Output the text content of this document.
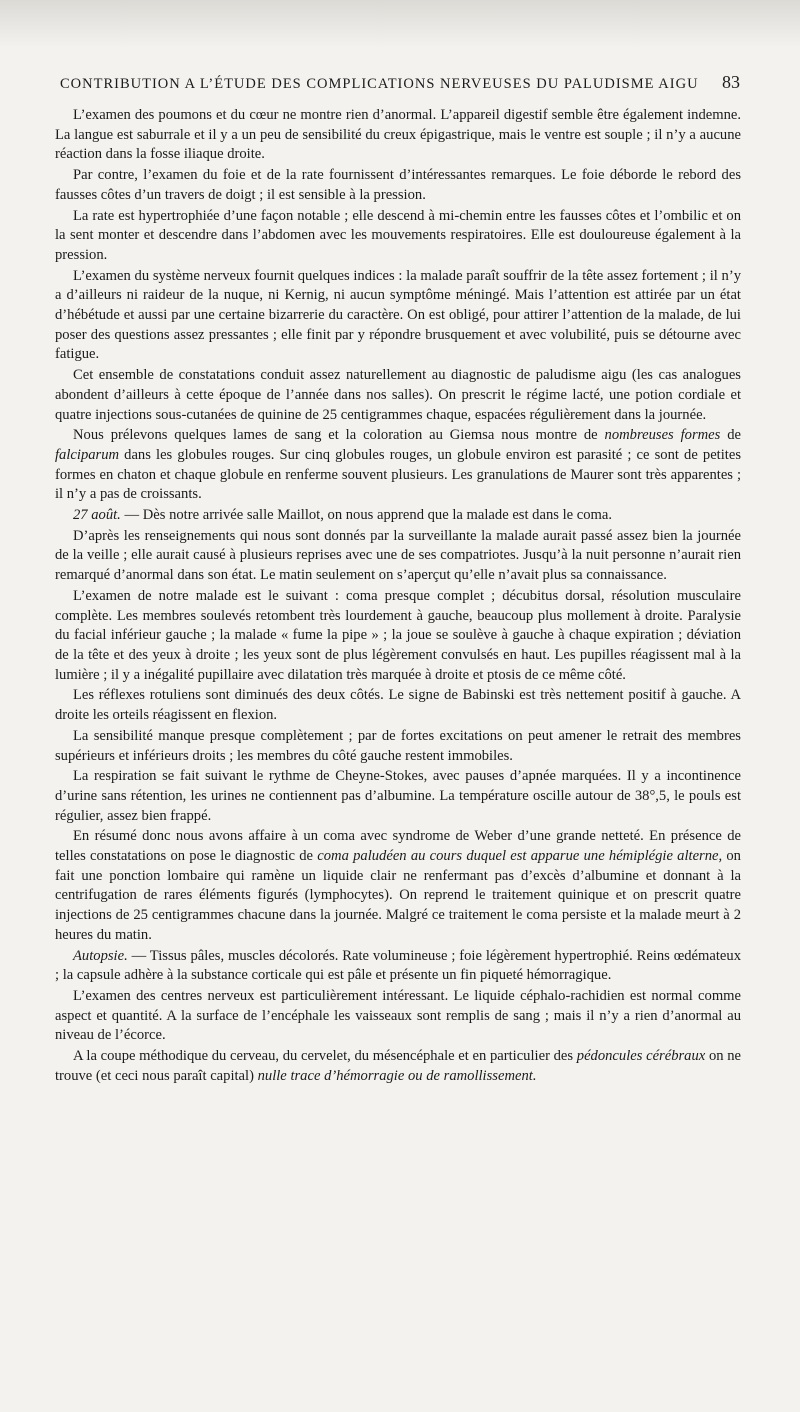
CONTRIBUTION A L’ÉTUDE DES COMPLICATIONS NERVEUSES DU PALUDISME AIGU 83

L’examen des poumons et du cœur ne montre rien d’anormal. L’appareil digestif semble être également indemne. La langue est saburrale et il y a un peu de sensibilité du creux épigastrique, mais le ventre est souple ; il n’y a aucune réaction dans la fosse iliaque droite.

Par contre, l’examen du foie et de la rate fournissent d’intéressantes remarques. Le foie déborde le rebord des fausses côtes d’un travers de doigt ; il est sensible à la pression.

La rate est hypertrophiée d’une façon notable ; elle descend à mi-chemin entre les fausses côtes et l’ombilic et on la sent monter et descendre dans l’abdomen avec les mouvements respiratoires. Elle est douloureuse également à la pression.

L’examen du système nerveux fournit quelques indices : la malade paraît souffrir de la tête assez fortement ; il n’y a d’ailleurs ni raideur de la nuque, ni Kernig, ni aucun symptôme méningé. Mais l’attention est attirée par un état d’hébétude et aussi par une certaine bizarrerie du caractère. On est obligé, pour attirer l’attention de la malade, de lui poser des questions assez pressantes ; elle finit par y répondre brusquement et avec volubilité, puis se détourne avec fatigue.

Cet ensemble de constatations conduit assez naturellement au diagnostic de paludisme aigu (les cas analogues abondent d’ailleurs à cette époque de l’année dans nos salles). On prescrit le régime lacté, une potion cordiale et quatre injections sous-cutanées de quinine de 25 centigrammes chaque, espacées régulièrement dans la journée.

Nous prélevons quelques lames de sang et la coloration au Giemsa nous montre de nombreuses formes de falciparum dans les globules rouges. Sur cinq globules rouges, un globule environ est parasité ; ce sont de petites formes en chaton et chaque globule en renferme souvent plusieurs. Les granulations de Maurer sont très apparentes ; il n’y a pas de croissants.

27 août. — Dès notre arrivée salle Maillot, on nous apprend que la malade est dans le coma.

D’après les renseignements qui nous sont donnés par la surveillante la malade aurait passé assez bien la journée de la veille ; elle aurait causé à plusieurs reprises avec une de ses compatriotes. Jusqu’à la nuit personne n’aurait rien remarqué d’anormal dans son état. Le matin seulement on s’aperçut qu’elle n’avait plus sa connaissance.

L’examen de notre malade est le suivant : coma presque complet ; décubitus dorsal, résolution musculaire complète. Les membres soulevés retombent très lourdement à gauche, beaucoup plus mollement à droite. Paralysie du facial inférieur gauche ; la malade « fume la pipe » ; la joue se soulève à gauche à chaque expiration ; déviation de la tête et des yeux à droite ; les yeux sont de plus légèrement convulsés en haut. Les pupilles réagissent mal à la lumière ; il y a inégalité pupillaire avec dilatation très marquée à droite et ptosis de ce même côté.

Les réflexes rotuliens sont diminués des deux côtés. Le signe de Babinski est très nettement positif à gauche. A droite les orteils réagissent en flexion.

La sensibilité manque presque complètement ; par de fortes excitations on peut amener le retrait des membres supérieurs et inférieurs droits ; les membres du côté gauche restent immobiles.

La respiration se fait suivant le rythme de Cheyne-Stokes, avec pauses d’apnée marquées. Il y a incontinence d’urine sans rétention, les urines ne contiennent pas d’albumine. La température oscille autour de 38°,5, le pouls est régulier, assez bien frappé.

En résumé donc nous avons affaire à un coma avec syndrome de Weber d’une grande netteté. En présence de telles constatations on pose le diagnostic de coma paludéen au cours duquel est apparue une hémiplégie alterne, on fait une ponction lombaire qui ramène un liquide clair ne renfermant pas d’excès d’albumine et donnant à la centrifugation de rares éléments figurés (lymphocytes). On reprend le traitement quinique et on prescrit quatre injections de 25 centigrammes chacune dans la journée. Malgré ce traitement le coma persiste et la malade meurt à 2 heures du matin.

Autopsie. — Tissus pâles, muscles décolorés. Rate volumineuse ; foie légèrement hypertrophié. Reins œdémateux ; la capsule adhère à la substance corticale qui est pâle et présente un fin piqueté hémorragique.

L’examen des centres nerveux est particulièrement intéressant. Le liquide céphalo-rachidien est normal comme aspect et quantité. A la surface de l’encéphale les vaisseaux sont remplis de sang ; mais il n’y a rien d’anormal au niveau de l’écorce.

A la coupe méthodique du cerveau, du cervelet, du mésencéphale et en particulier des pédoncules cérébraux on ne trouve (et ceci nous paraît capital) nulle trace d’hémorragie ou de ramollissement.
